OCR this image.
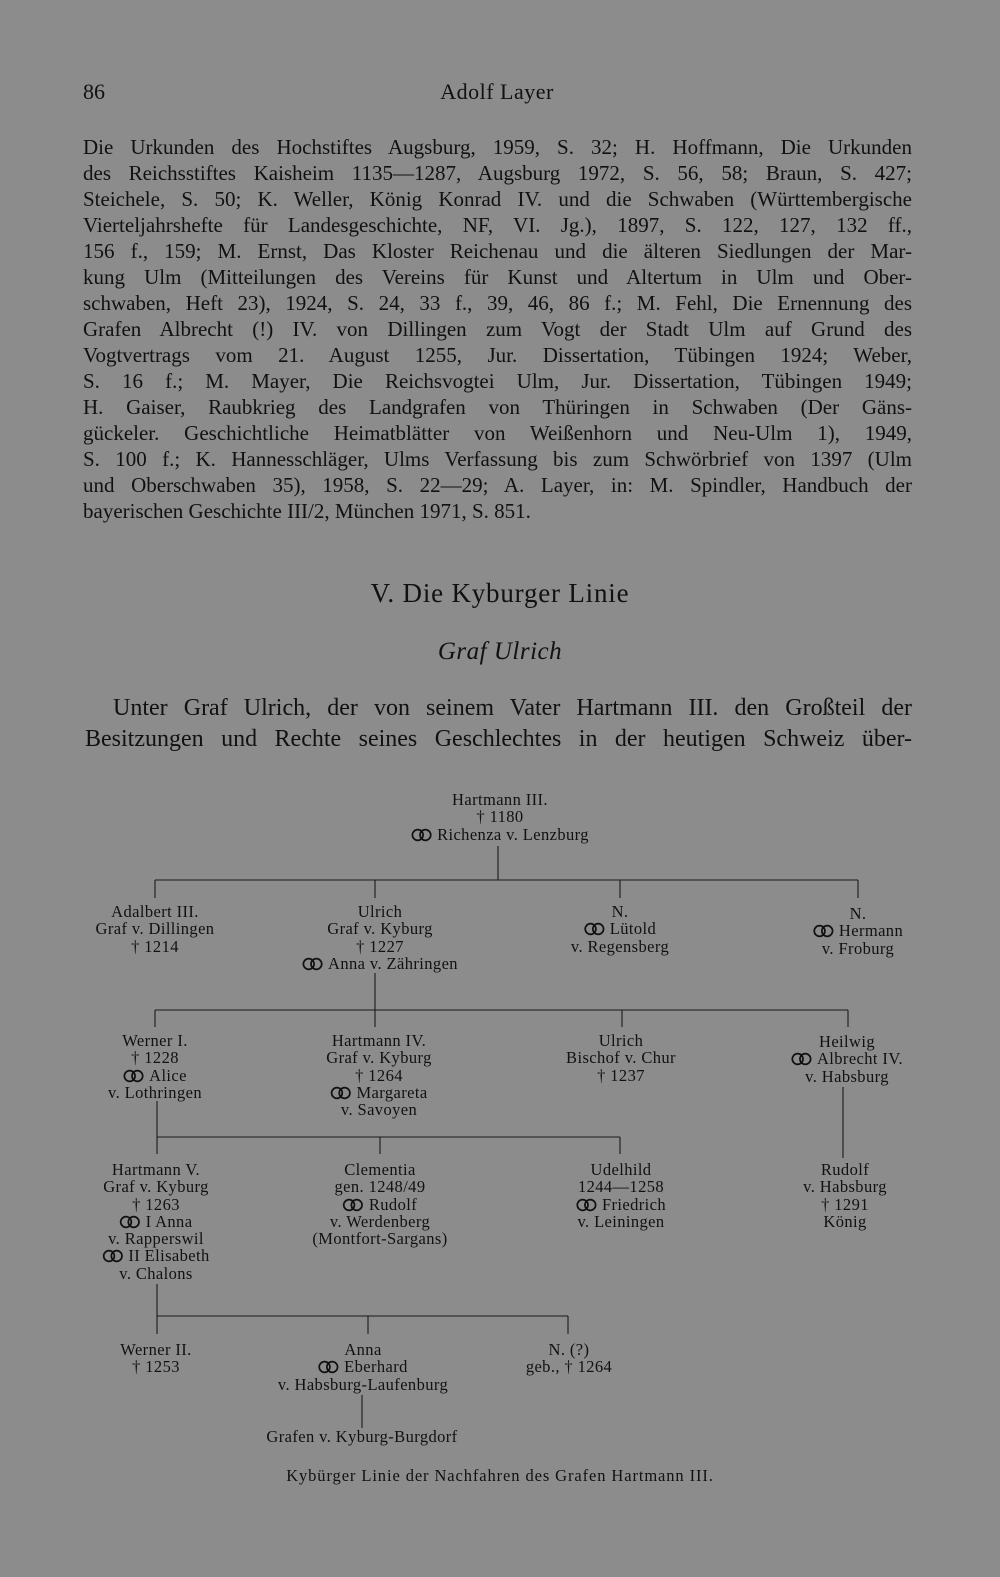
86	Adolf Layer
Die Urkunden des Hochstiftes Augsburg, 1959, S. 32; H. Hoffmann, Die Urkunden
des Reichsstiftes Kaisheim 1135—1287, Augsburg 1972, S. 56, 58; Braun, S. 427;
Steichele, S. 50; K. Weller, König Konrad IV. und die Schwaben (Württembergische
Vierteljahrshefte für Landesgeschichte, NF, VI. Jg.), 1897, S. 122, 127, 132 ff.,
156 f., 159; M. Ernst, Das Kloster Reichenau und die älteren Siedlungen der Mar-
kung Ulm (Mitteilungen des Vereins für Kunst und Altertum in Ulm und Ober-
schwaben, Heft 23), 1924, S. 24, 33 f., 39, 46, 86 f.; M. Fehl, Die Ernennung des
Grafen Albrecht (!) IV. von Dillingen zum Vogt der Stadt Ulm auf Grund des
Vogtvertrags vom 21. August 1255, Jur. Dissertation, Tübingen 1924; Weber,
S. 16 f.; M. Mayer, Die Reichsvogtei Ulm, Jur. Dissertation, Tübingen 1949;
H. Gaiser, Raubkrieg des Landgrafen von Thüringen in Schwaben (Der Gäns-
gückeler. Geschichtliche Heimatblätter von Weißenhorn und Neu-Ulm 1), 1949,
S. 100 f.; K. Hannesschläger, Ulms Verfassung bis zum Schwörbrief von 1397 (Ulm
und Oberschwaben 35), 1958, S. 22—29; A. Layer, in: M. Spindler, Handbuch der
bayerischen Geschichte III/2, München 1971, S. 851.
V. Die Kyburger Linie
Graf Ulrich
Unter Graf Ulrich, der von seinem Vater Hartmann III. den Großteil der
Besitzungen und Rechte seines Geschlechtes in der heutigen Schweiz über-
Hartmann III.
† 1180
Richenza v. Lenzburg
Adalbert III.
Graf v. Dillingen
† 1214
Ulrich
Graf v. Kyburg
† 1227
Anna v. Zähringen
N.
Lütold
v. Regensberg
N.
Hermann
v. Froburg
Werner I.
† 1228
Alice
v. Lothringen
Hartmann IV.
Graf v. Kyburg
† 1264
Margareta
v. Savoyen
Ulrich
Bischof v. Chur
† 1237
Heilwig
Albrecht IV.
v. Habsburg
Hartmann V.
Graf v. Kyburg
† 1263
I Anna
v. Rapperswil
II Elisabeth
v. Chalons
Clementia
gen. 1248/49
Rudolf
v. Werdenberg
(Montfort-Sargans)
Udelhild
1244—1258
Friedrich
v. Leiningen
Rudolf
v. Habsburg
† 1291
König
Werner II.
† 1253
Anna
Eberhard
v. Habsburg-Laufenburg
N. (?)
geb., † 1264
Grafen v. Kyburg-Burgdorf
Kybürger Linie der Nachfahren des Grafen Hartmann III.
